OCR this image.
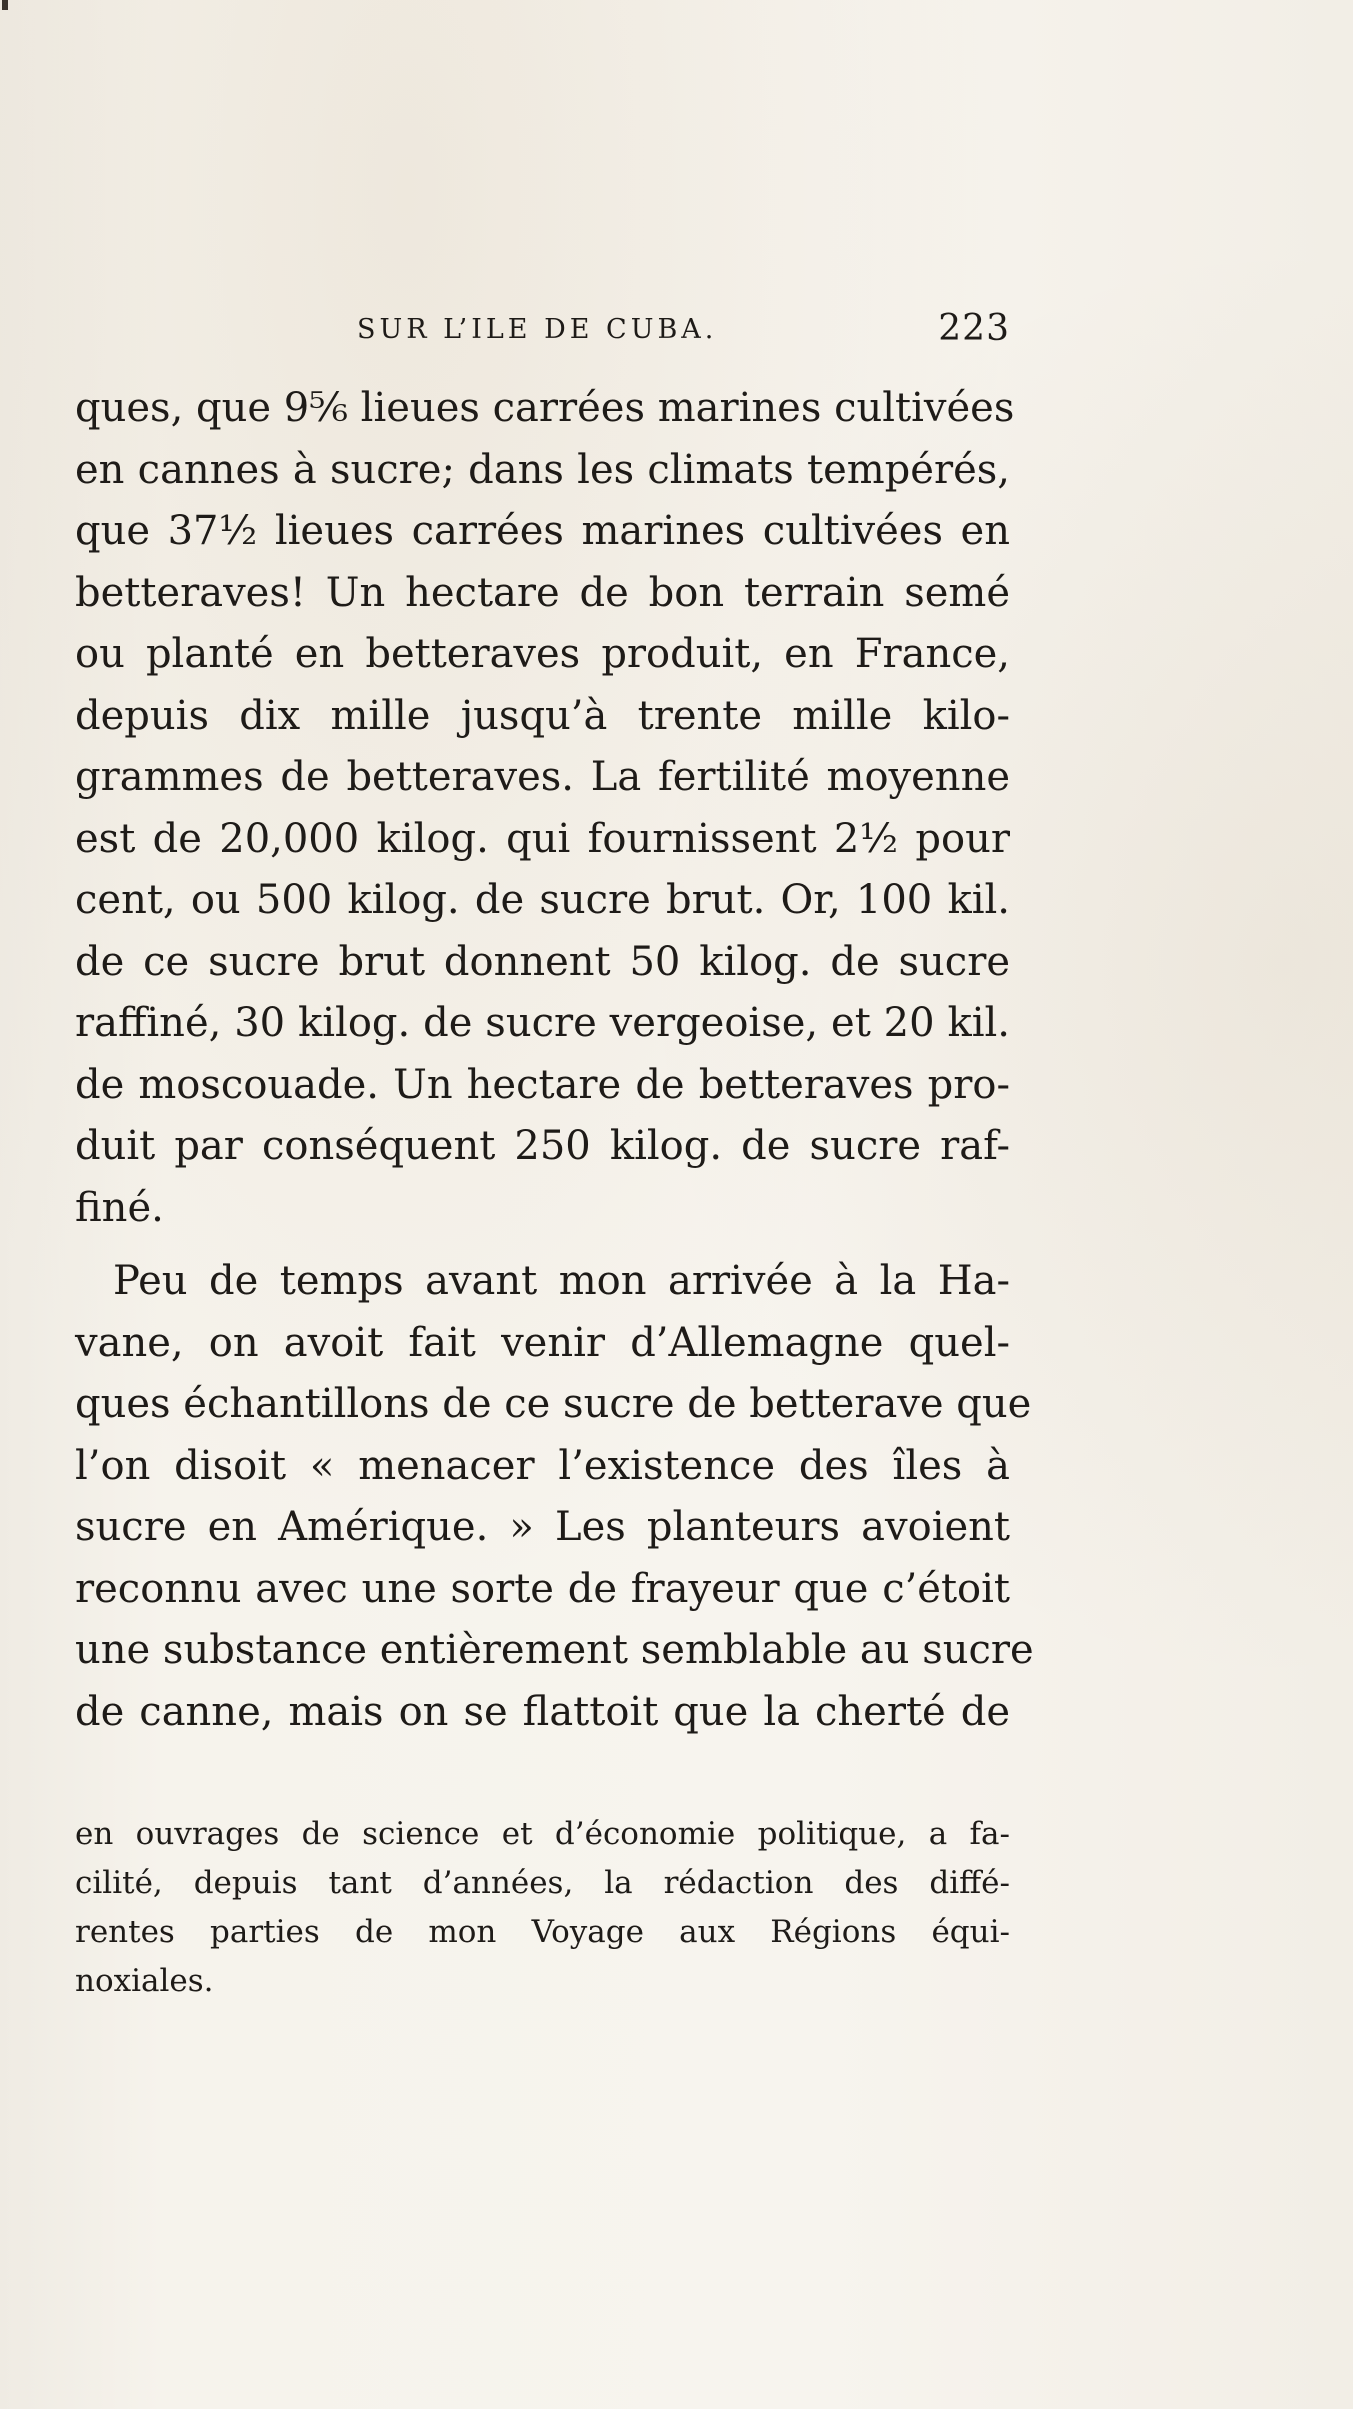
SUR L’ILE DE CUBA.	223
ques, que 9⅚ lieues carrées marines cultivées
en cannes à sucre; dans les climats tempérés,
que 37½ lieues carrées marines cultivées en
betteraves! Un hectare de bon terrain semé
ou planté en betteraves produit, en France,
depuis dix mille jusqu’à trente mille kilo-
grammes de betteraves. La fertilité moyenne
est de 20,000 kilog. qui fournissent 2½ pour
cent, ou 500 kilog. de sucre brut. Or, 100 kil.
de ce sucre brut donnent 50 kilog. de sucre
raffiné, 30 kilog. de sucre vergeoise, et 20 kil.
de moscouade. Un hectare de betteraves pro-
duit par conséquent 250 kilog. de sucre raf-
finé.
Peu de temps avant mon arrivée à la Ha-
vane, on avoit fait venir d’Allemagne quel-
ques échantillons de ce sucre de betterave que
l’on disoit « menacer l’existence des îles à
sucre en Amérique. » Les planteurs avoient
reconnu avec une sorte de frayeur que c’étoit
une substance entièrement semblable au sucre
de canne, mais on se flattoit que la cherté de
en ouvrages de science et d’économie politique, a fa-
cilité, depuis tant d’années, la rédaction des diffé-
rentes parties de mon Voyage aux Régions équi-
noxiales.
